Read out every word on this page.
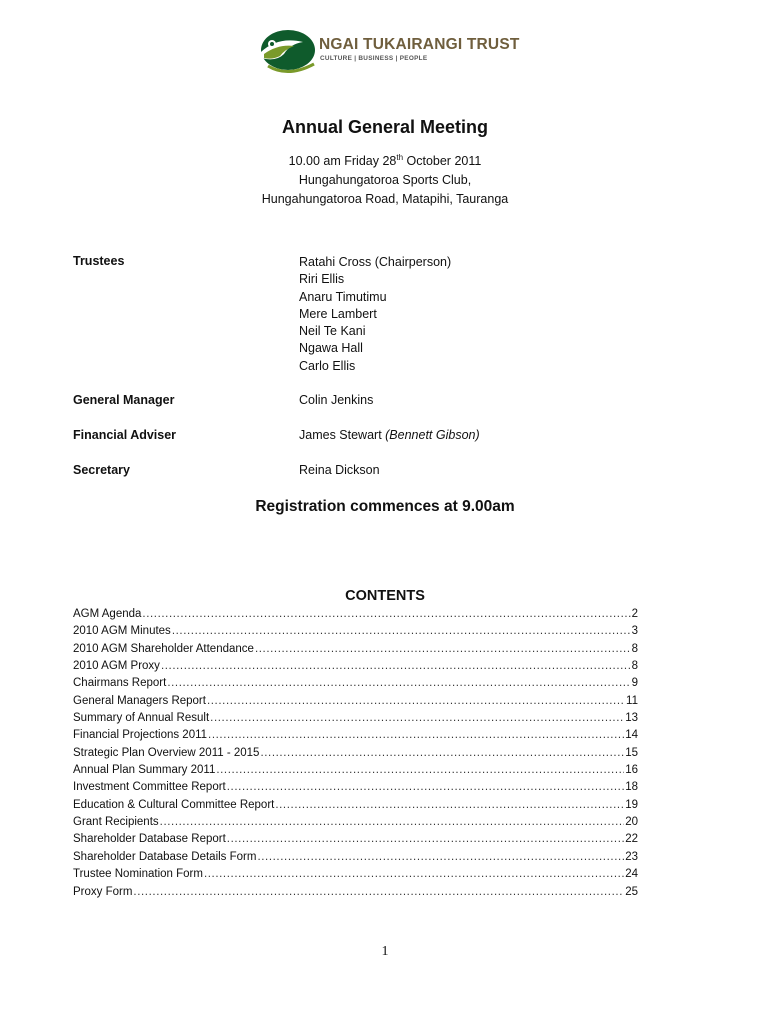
NGAI TUKAIRANGI TRUST
CULTURE | BUSINESS | PEOPLE
Annual General Meeting
10.00 am Friday 28th October 2011
Hungahungatoroa Sports Club,
Hungahungatoroa Road, Matapihi, Tauranga
Trustees	Ratahi Cross (Chairperson)
Riri Ellis
Anaru Timutimu
Mere Lambert
Neil Te Kani
Ngawa Hall
Carlo Ellis
General Manager	Colin Jenkins
Financial Adviser	James Stewart (Bennett Gibson)
Secretary	Reina Dickson
Registration commences at 9.00am
CONTENTS
AGM Agenda .....	2
2010 AGM Minutes .....	3
2010 AGM Shareholder Attendance .....	8
2010 AGM Proxy .....	8
Chairmans Report .....	9
General Managers Report .....	11
Summary of Annual Result .....	13
Financial Projections 2011 .....	14
Strategic Plan Overview 2011 - 2015 .....	15
Annual Plan Summary 2011 .....	16
Investment Committee Report .....	18
Education & Cultural Committee Report .....	19
Grant Recipients .....	20
Shareholder Database Report .....	22
Shareholder Database Details Form .....	23
Trustee Nomination Form .....	24
Proxy Form .....	25
1
